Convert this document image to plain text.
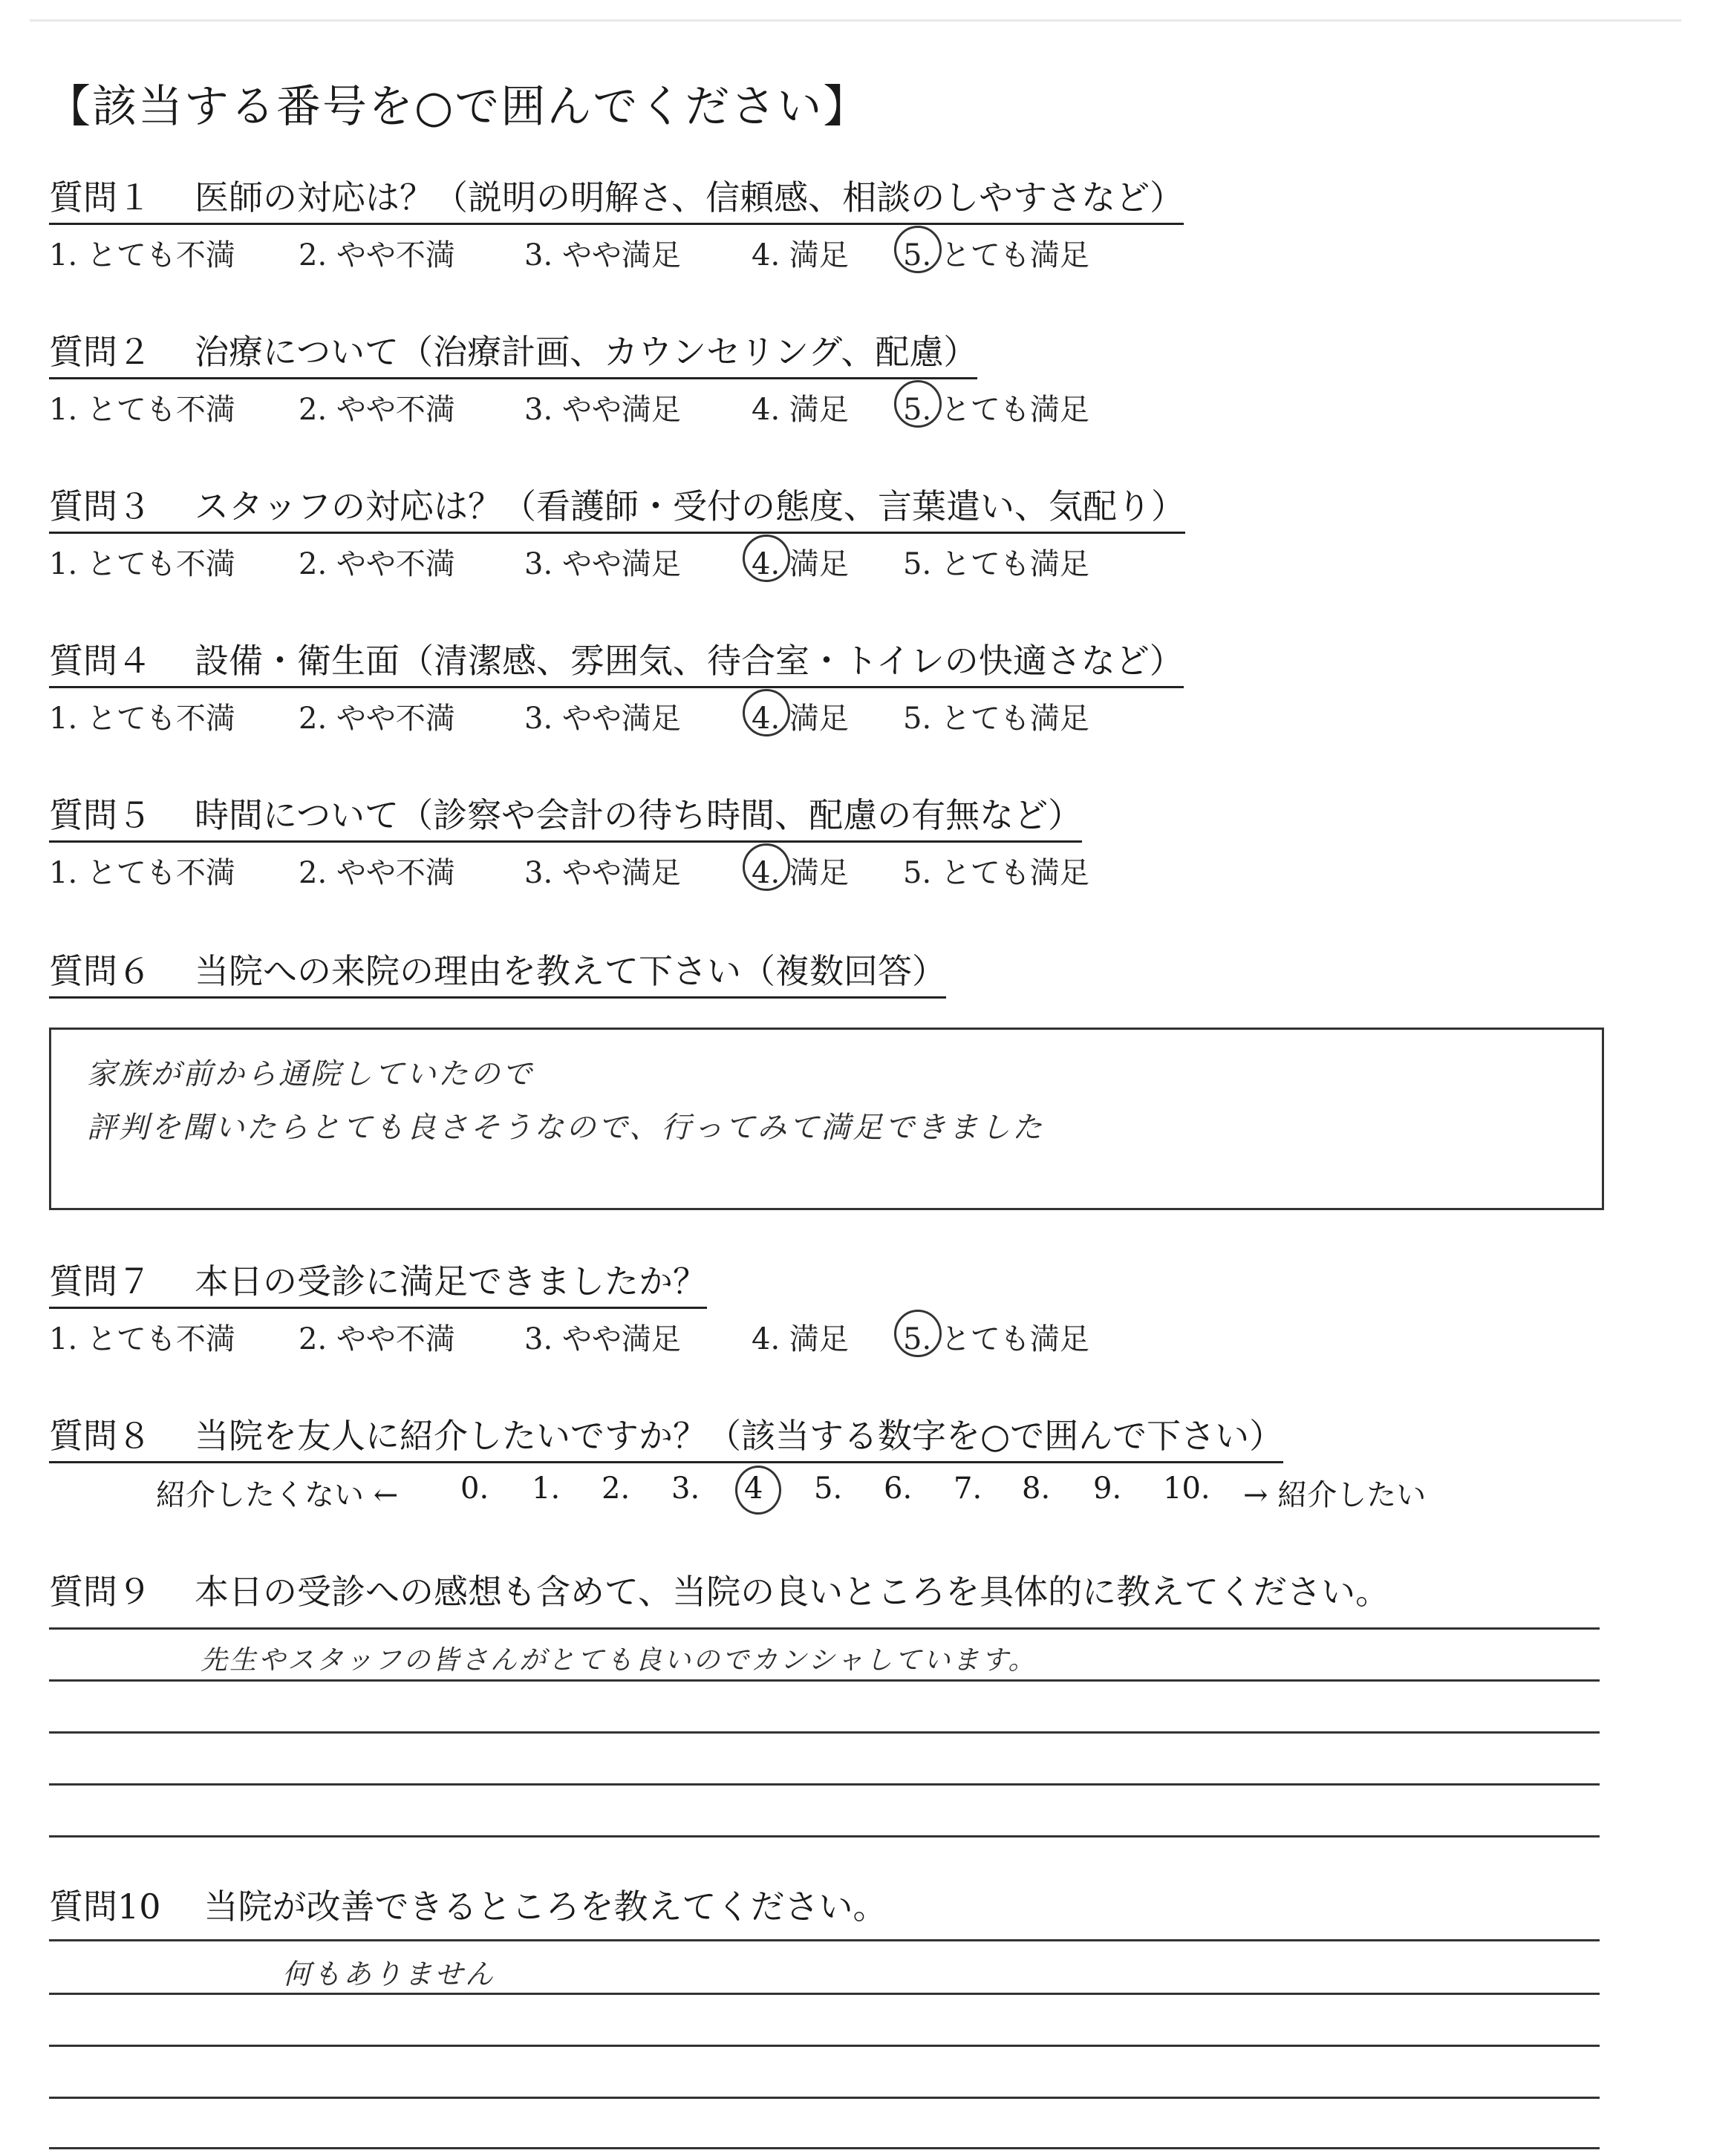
【該当する番号を○で囲んでください】
質問１ 医師の対応は？（説明の明解さ、信頼感、相談のしやすさなど）
1. とても不満 2. やや不満 3. やや満足 4. 満足 5. とても満足
質問２ 治療について（治療計画、カウンセリング、配慮）
1. とても不満 2. やや不満 3. やや満足 4. 満足 5. とても満足
質問３ スタッフの対応は？（看護師・受付の態度、言葉遣い、気配り）
1. とても不満 2. やや不満 3. やや満足 4. 満足 5. とても満足
質問４ 設備・衛生面（清潔感、雰囲気、待合室・トイレの快適さなど）
1. とても不満 2. やや不満 3. やや満足 4. 満足 5. とても満足
質問５ 時間について（診察や会計の待ち時間、配慮の有無など）
1. とても不満 2. やや不満 3. やや満足 4. 満足 5. とても満足
質問６ 当院への来院の理由を教えて下さい（複数回答）
家族が前から通院していたので
評判を聞いたらとても良さそうなので、行ってみて満足できました
質問７ 本日の受診に満足できましたか？
1. とても不満 2. やや不満 3. やや満足 4. 満足 5. とても満足
質問８ 当院を友人に紹介したいですか？（該当する数字を○で囲んで下さい）
紹介したくない ← 0. 1. 2. 3. 4 5. 6. 7. 8. 9. 10. → 紹介したい
質問９ 本日の受診への感想も含めて、当院の良いところを具体的に教えてください。
先生やスタッフの皆さんがとても良いのでカンシャしています。
質問10 当院が改善できるところを教えてください。
何もありません
